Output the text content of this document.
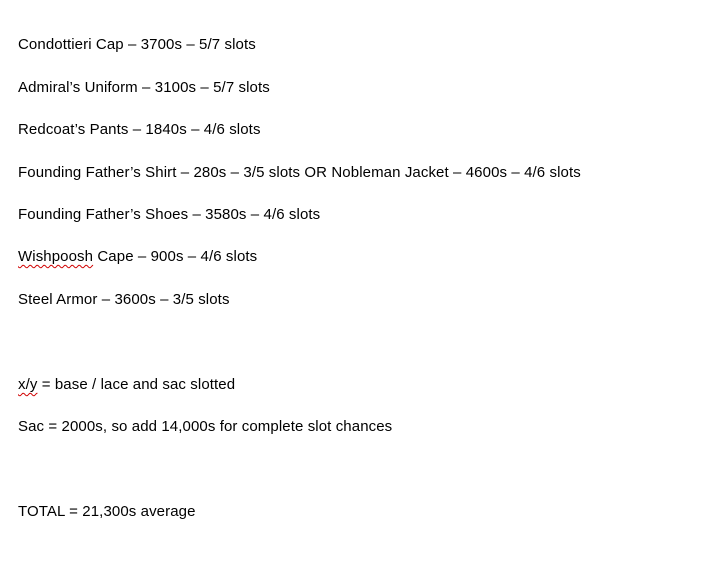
Condottieri Cap – 3700s – 5/7 slots
Admiral’s Uniform – 3100s – 5/7 slots
Redcoat’s Pants – 1840s – 4/6 slots
Founding Father’s Shirt – 280s – 3/5 slots OR Nobleman Jacket – 4600s – 4/6 slots
Founding Father’s Shoes – 3580s – 4/6 slots
Wishpoosh Cape – 900s – 4/6 slots
Steel Armor – 3600s – 3/5 slots
x/y = base / lace and sac slotted
Sac = 2000s, so add 14,000s for complete slot chances
TOTAL = 21,300s average
